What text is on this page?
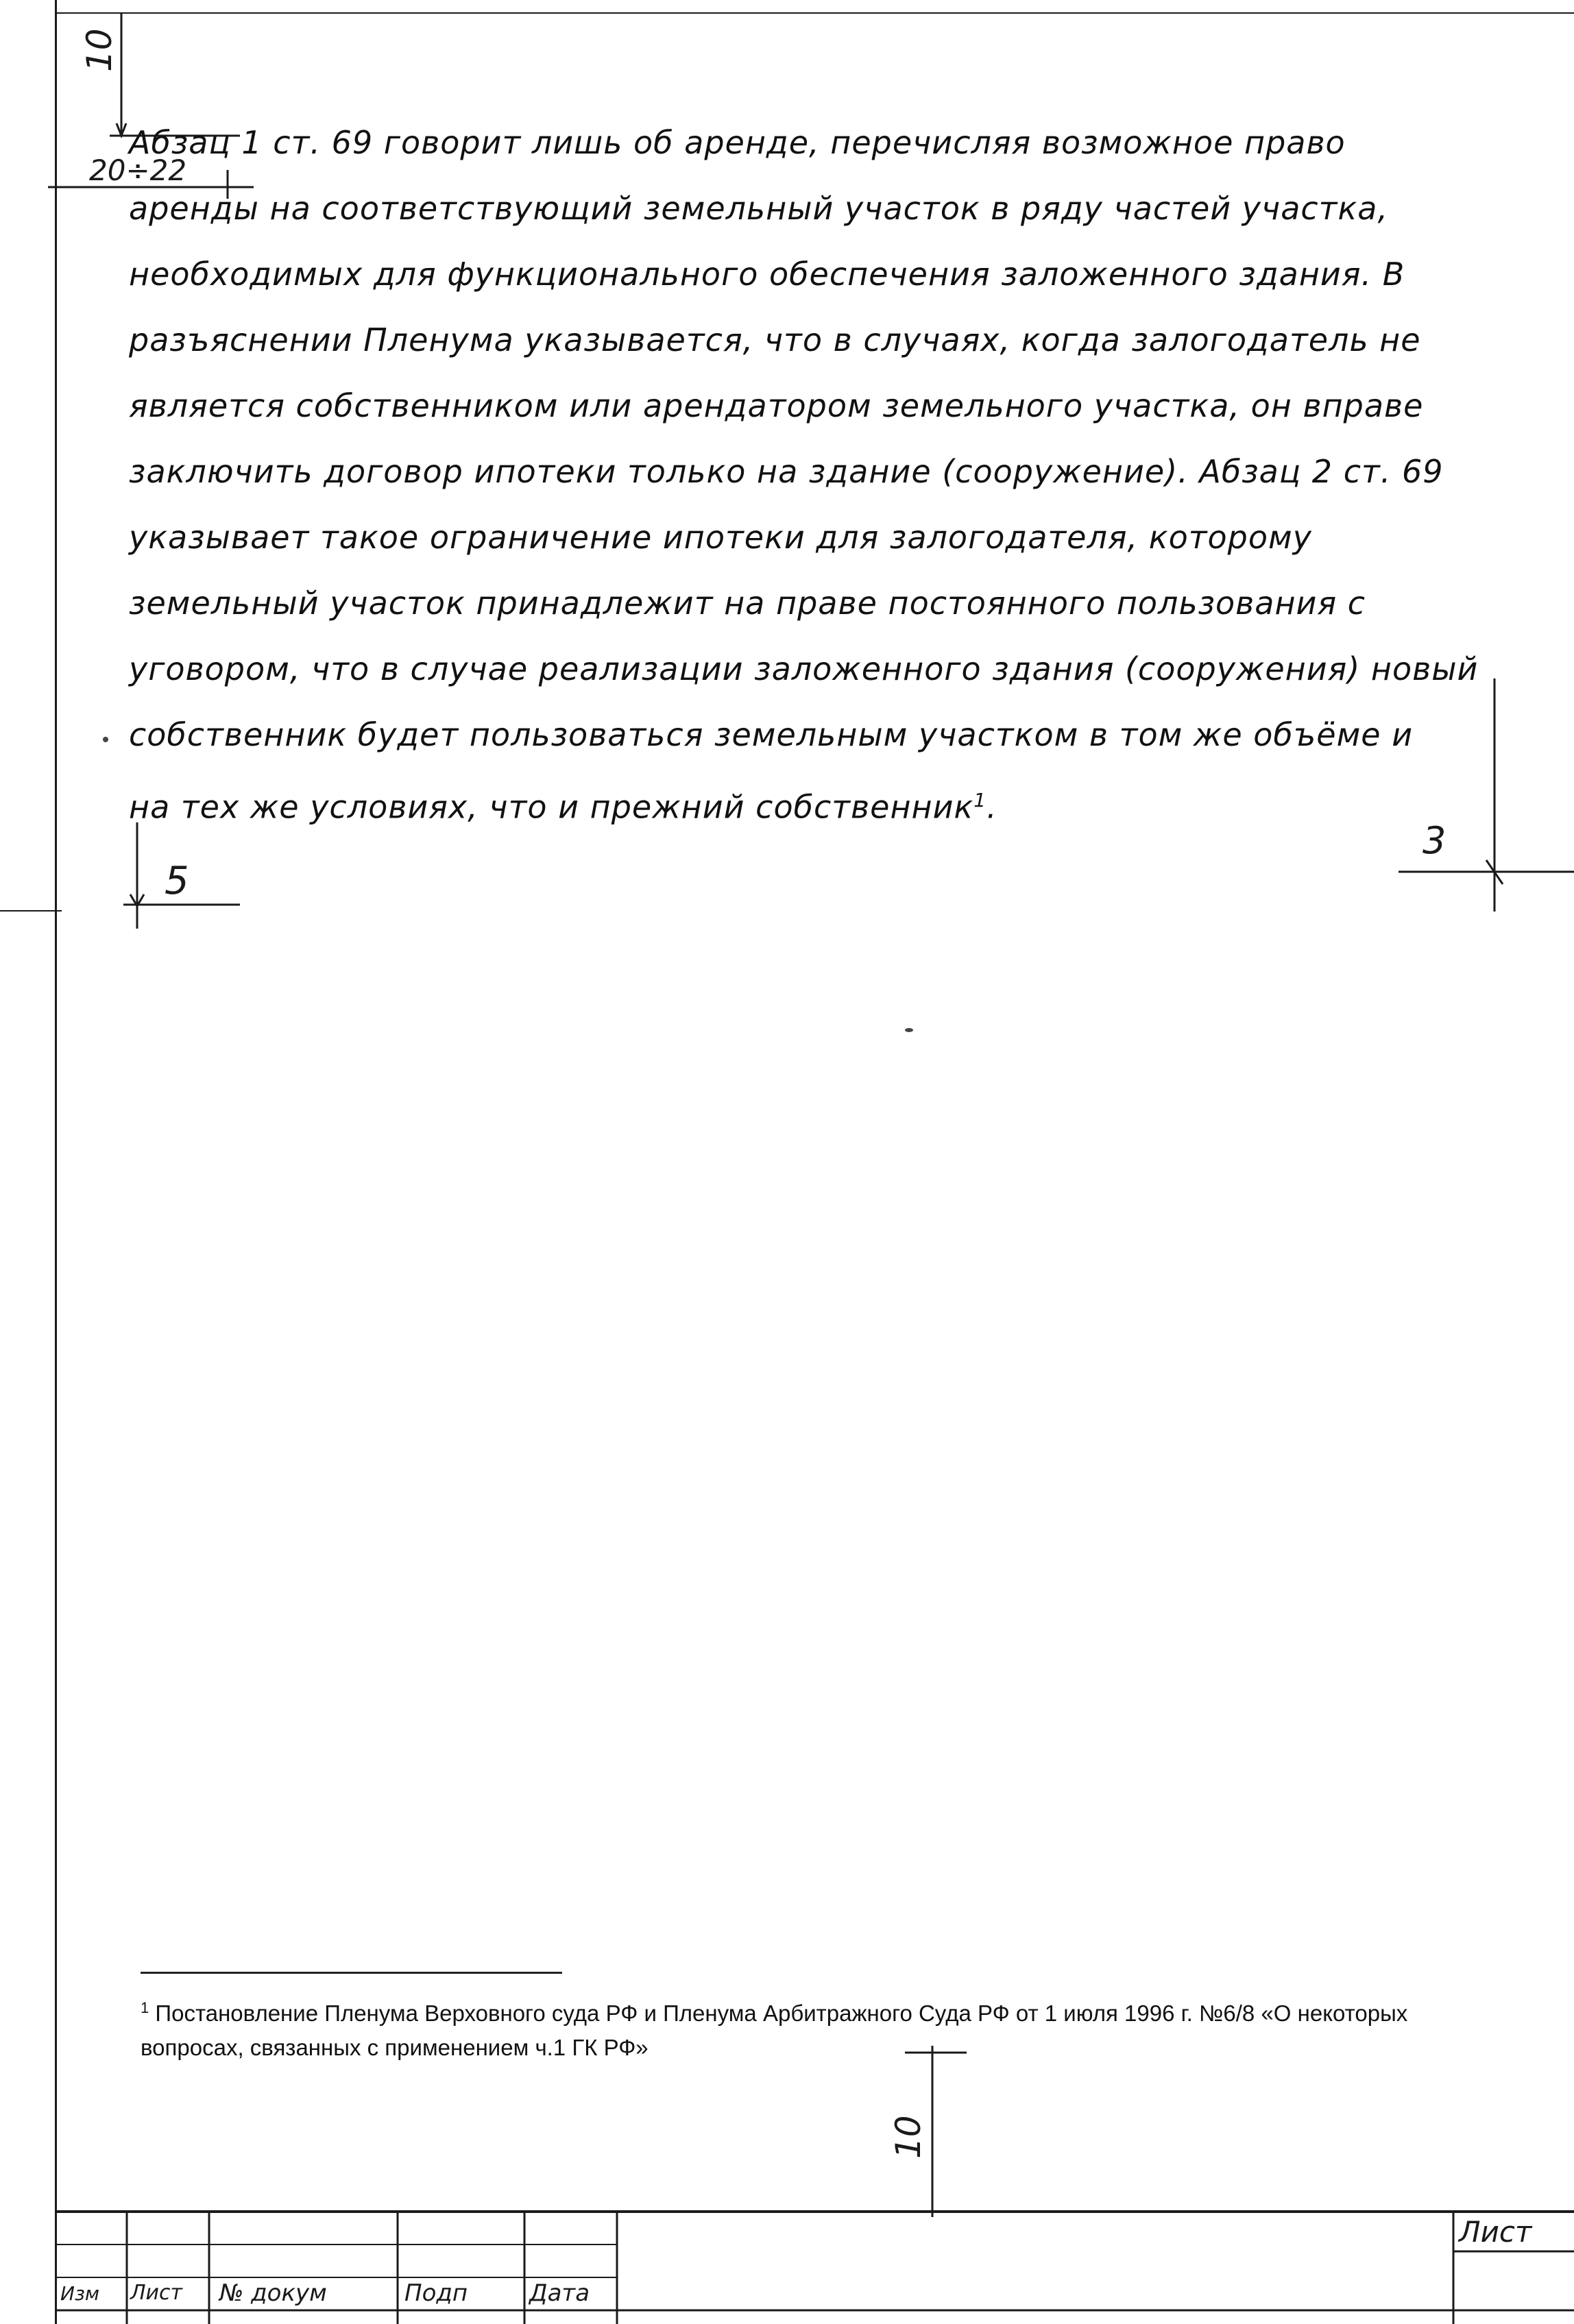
10
20÷22
Абзац 1 ст. 69 говорит лишь об аренде, перечисляя возможное право
аренды на соответствующий земельный участок в ряду частей участка,
необходимых для функционального обеспечения заложенного здания. В
разъяснении Пленума указывается, что в случаях, когда залогодатель не
является собственником или арендатором земельного участка, он вправе
заключить договор ипотеки только на здание (сооружение). Абзац 2 ст. 69
указывает такое ограничение ипотеки для залогодателя, которому
земельный участок принадлежит на праве постоянного пользования с
уговором, что в случае реализации заложенного здания (сооружения) новый
собственник будет пользоваться земельным участком в том же объёме и
на тех же условиях, что и прежний собственник$^1$.
3
5
$^1$ Постановление Пленума Верховного суда РФ и Пленума Арбитражного Суда РФ от 1 июля 1996 г. №6/8 «О некоторых вопросах, связанных с применением ч.1 ГК РФ»
10
Изм Лист № докум	Подп	Дата
Лист
